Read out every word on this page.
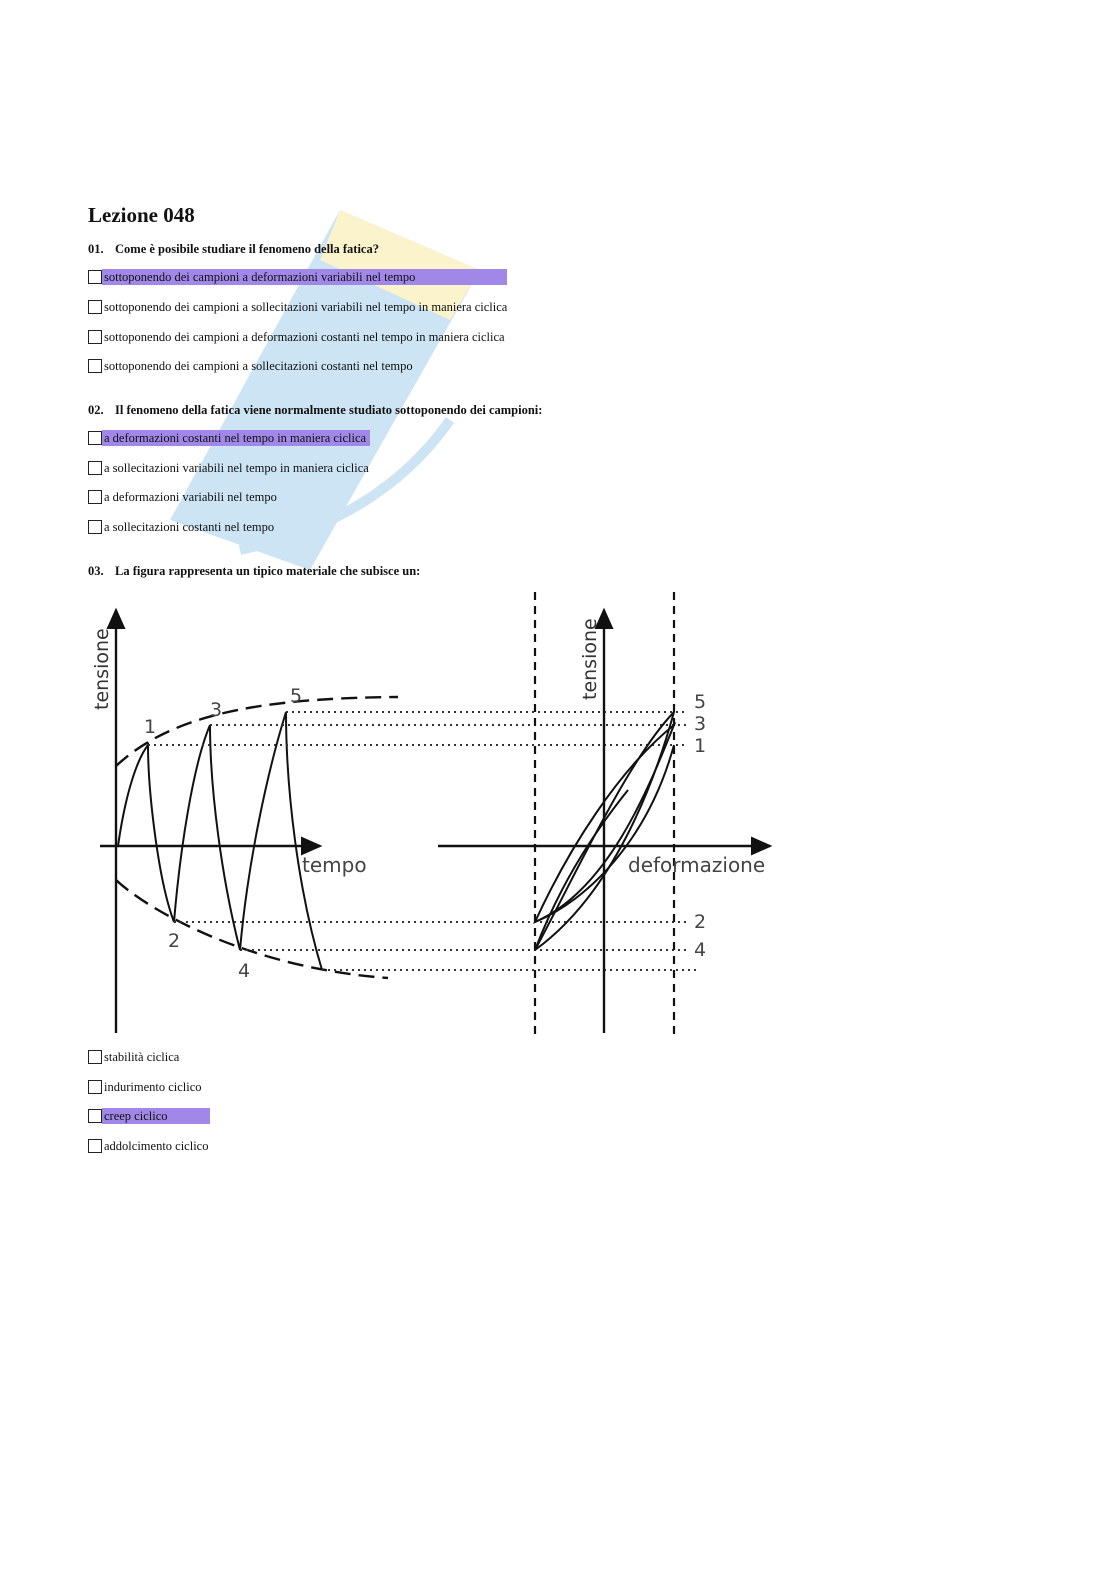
Lezione 048
01. Come è posibile studiare il fenomeno della fatica?
sottoponendo dei campioni a deformazioni variabili nel tempo
sottoponendo dei campioni a sollecitazioni variabili nel tempo in maniera ciclica
sottoponendo dei campioni a deformazioni costanti nel tempo in maniera ciclica
sottoponendo dei campioni a sollecitazioni costanti nel tempo
02. Il fenomeno della fatica viene normalmente studiato sottoponendo dei campioni:
a deformazioni costanti nel tempo in maniera ciclica
a sollecitazioni variabili nel tempo in maniera ciclica
a deformazioni variabili nel tempo
a sollecitazioni costanti nel tempo
03. La figura rappresenta un tipico materiale che subisce un:
tensione
tempo
1
2
3
4
5	tensione
deformazione
5
3
1
2
4
stabilità ciclica
indurimento ciclico
creep ciclico
addolcimento ciclico
